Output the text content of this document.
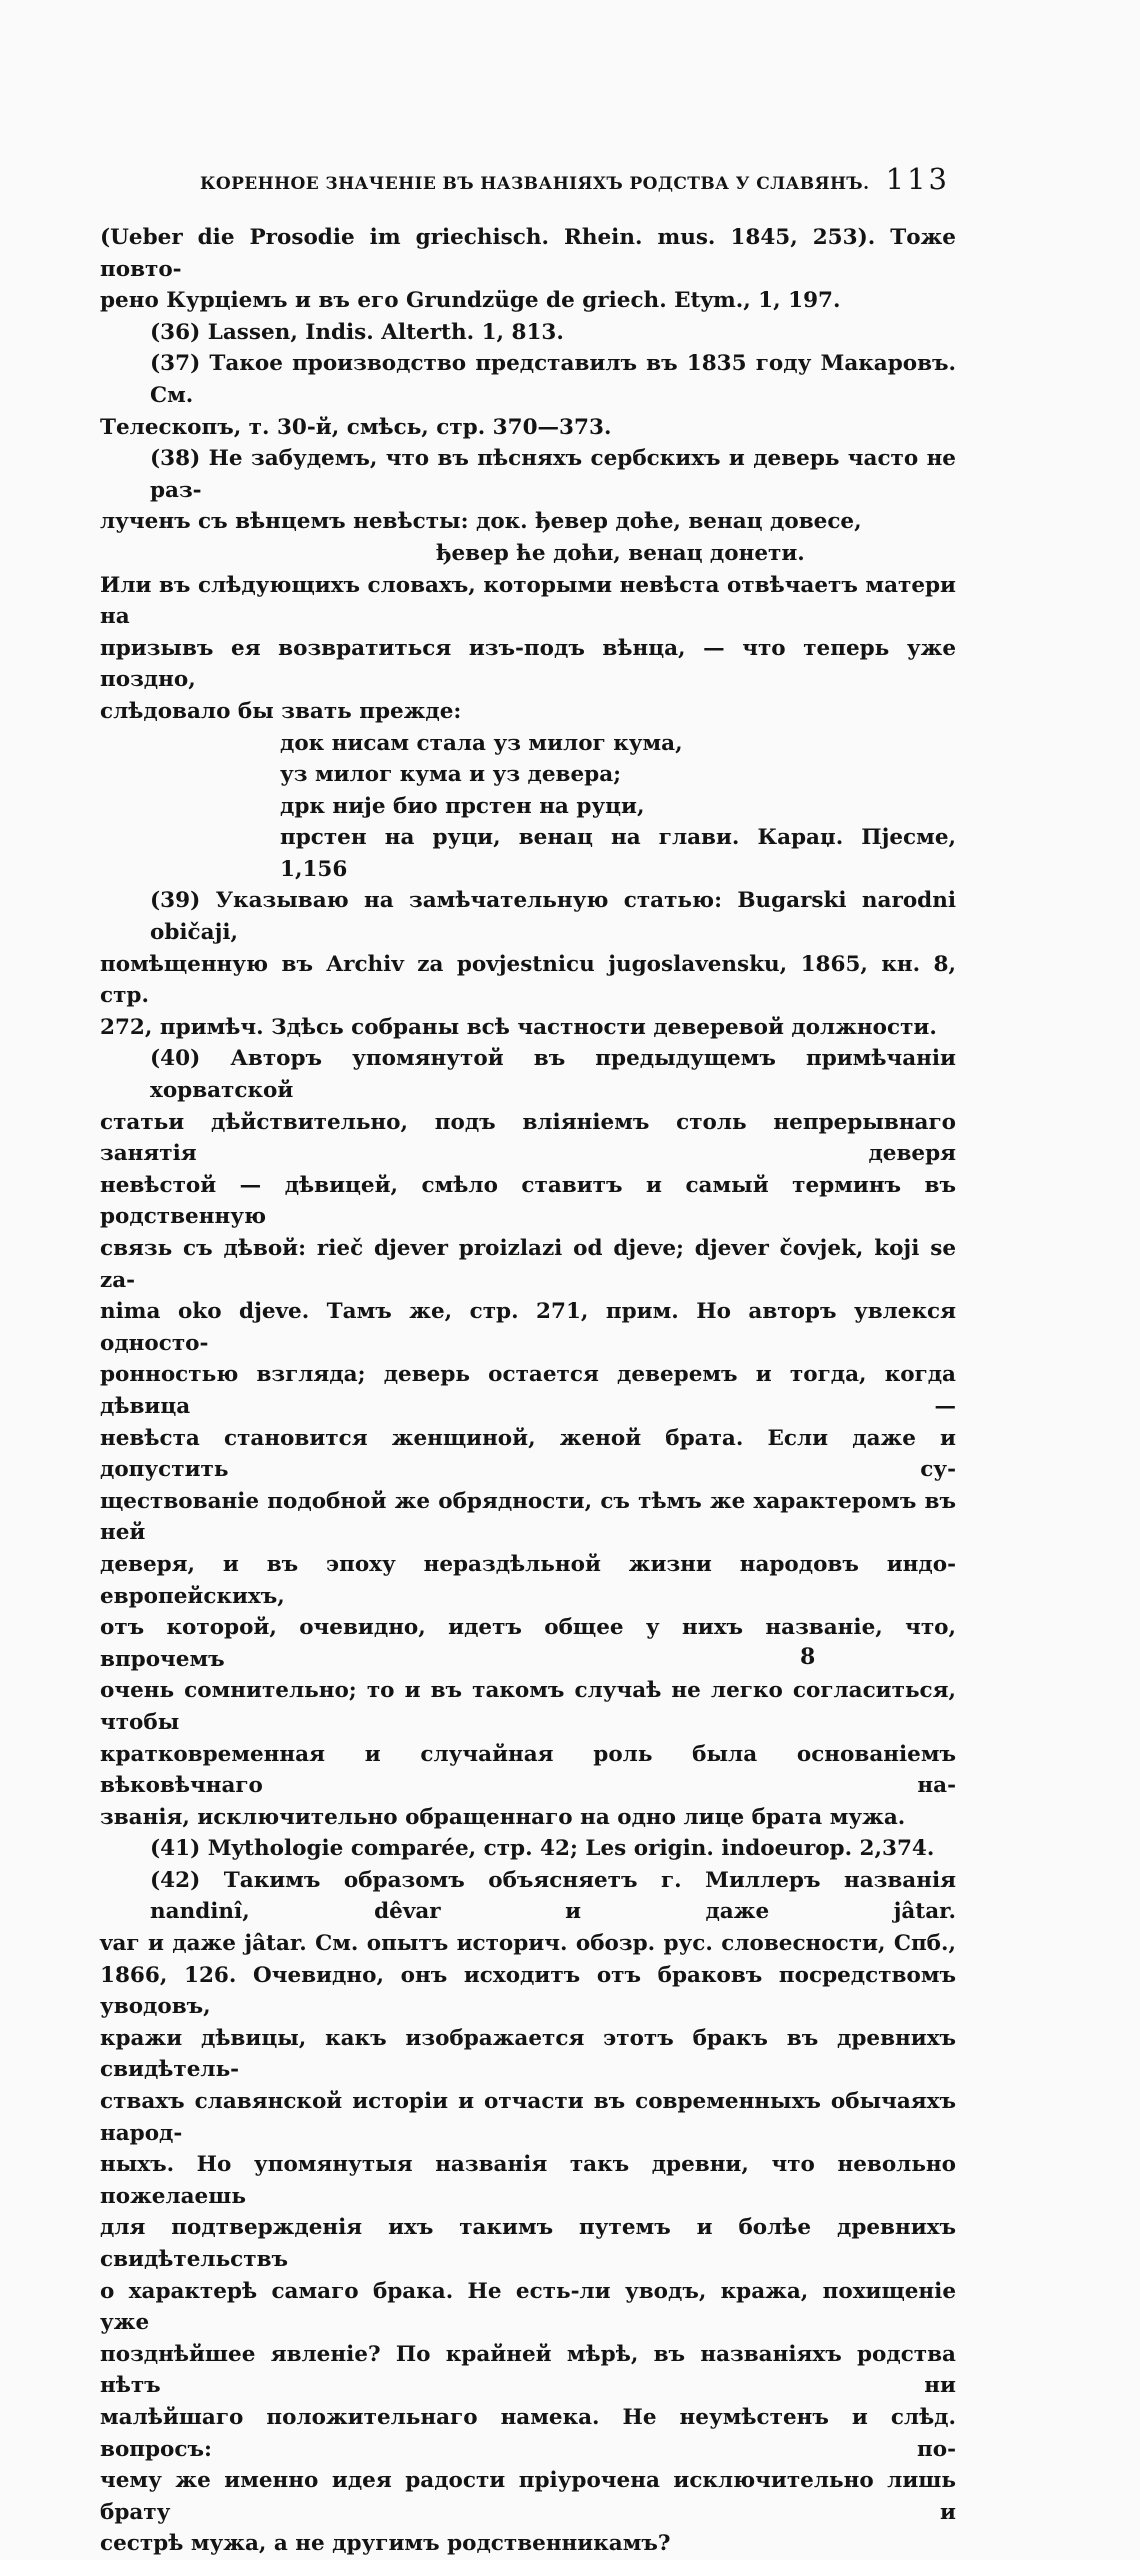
КОРЕННОЕ ЗНАЧЕНІЕ ВЪ НАЗВАНІЯХЪ РОДСТВА У СЛАВЯНЪ. 113

(Ueber die Prosodie im griechisch. Rhein. mus. 1845, 253). Тоже повто-

рено Курціемъ и въ его Grundzüge de griech. Etym., 1, 197.

(36) Lassen, Indis. Alterth. 1, 813.

(37) Такое производство представилъ въ 1835 году Макаровъ. См.

Телескопъ, т. 30-й, смѣсь, стр. 370—373.

(38) Не забудемъ, что въ пѣсняхъ сербскихъ и деверь часто не раз-

лученъ съ вѣнцемъ невѣсты: док. ђевер доће, венац довесе,

ђевер ће доћи, венац донети.

Или въ слѣдующихъ словахъ, которыми невѣста отвѣчаетъ матери на

призывъ ея возвратиться изъ-подъ вѣнца, — что теперь уже поздно,

слѣдовало бы звать прежде:

док нисам стала уз милог кума,

уз милог кума и уз девера;

дрк није био прстен на руци,

прстен на руци, венац на глави. Караџ. Пјесме, 1,156

(39) Указываю на замѣчательную статью: Bugarski narodni običaji,

помѣщенную въ Archiv za povjestnicu jugoslavensku, 1865, кн. 8, стр.

272, примѣч. Здѣсь собраны всѣ частности деверевой должности.

(40) Авторъ упомянутой въ предыдущемъ примѣчаніи хорватской

статьи дѣйствительно, подъ вліяніемъ столь непрерывнаго занятія деверя

невѣстой — дѣвицей, смѣло ставитъ и самый терминъ въ родственную

связь съ дѣвой: rieč djever proizlazi od djeve; djever čovjek, koji se za-

nima oko djeve. Тамъ же, стр. 271, прим. Но авторъ увлекся односто-

ронностью взгляда; деверь остается деверемъ и тогда, когда дѣвица —

невѣста становится женщиной, женой брата. Если даже и допустить су-

ществованіе подобной же обрядности, съ тѣмъ же характеромъ въ ней

деверя, и въ эпоху нераздѣльной жизни народовъ индо-европейскихъ,

отъ которой, очевидно, идетъ общее у нихъ названіе, что, впрочемъ

очень сомнительно; то и въ такомъ случаѣ не легко согласиться, чтобы

кратковременная и случайная роль была основаніемъ вѣковѣчнаго на-

званія, исключительно обращеннаго на одно лице брата мужа.

(41) Mythologie comparée, стр. 42; Les origin. indoeurop. 2,374.

(42) Такимъ образомъ объясняетъ г. Миллеръ названія nandinî, dêvar и даже jâtar.

vaг и даже jâtar. См. опытъ историч. обозр. рус. словесности, Спб.,

1866, 126. Очевидно, онъ исходитъ отъ браковъ посредствомъ уводовъ,

кражи дѣвицы, какъ изображается этотъ бракъ въ древнихъ свидѣтель-

ствахъ славянской исторіи и отчасти въ современныхъ обычаяхъ народ-

ныхъ. Но упомянутыя названія такъ древни, что невольно пожелаешь

для подтвержденія ихъ такимъ путемъ и болѣе древнихъ свидѣтельствъ

о характерѣ самаго брака. Не есть-ли уводъ, кража, похищеніе уже

позднѣйшее явленіе? По крайней мѣрѣ, въ названіяхъ родства нѣтъ ни

малѣйшаго положительнаго намека. Не неумѣстенъ и слѣд. вопросъ: по-

чему же именно идея радости пріурочена исключительно лишь брату и

сестрѣ мужа, а не другимъ родственникамъ?

8
